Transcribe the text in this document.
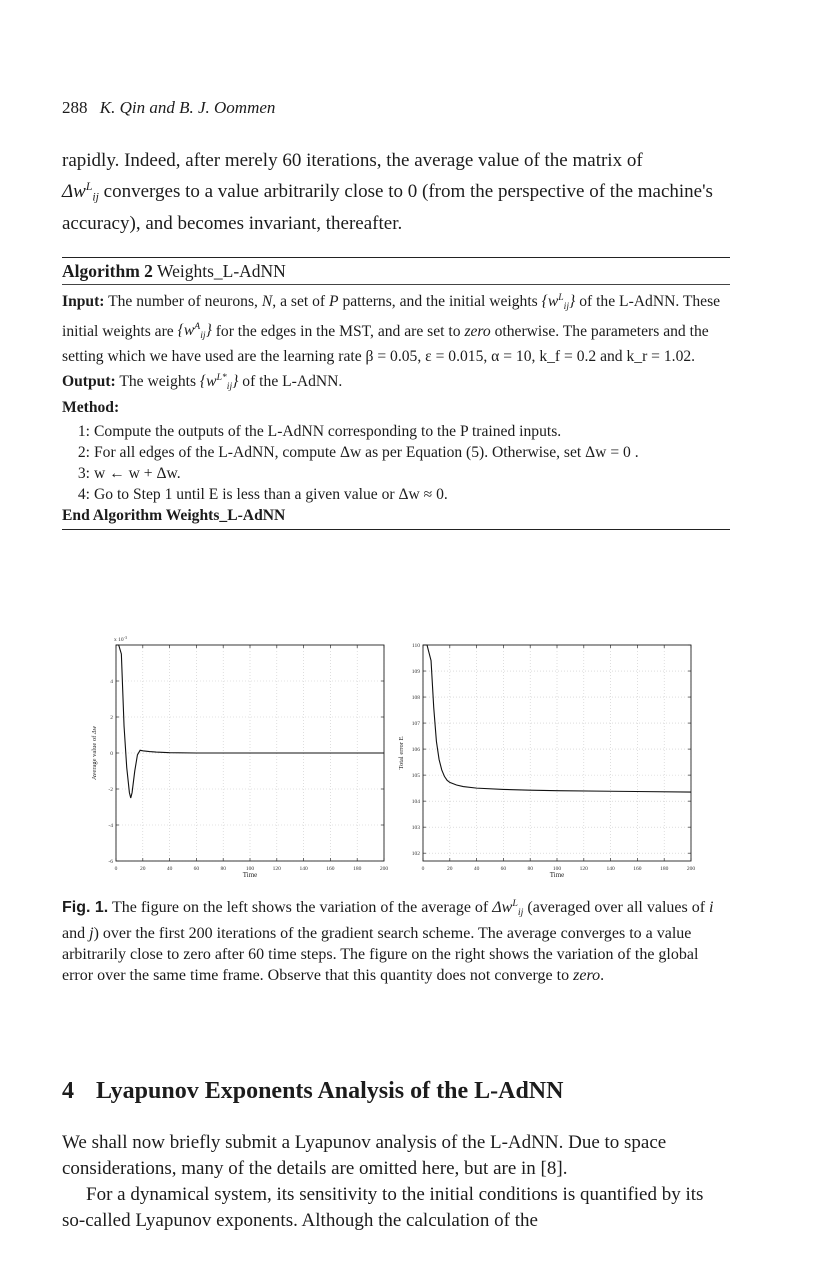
288 K. Qin and B. J. Oommen
rapidly. Indeed, after merely 60 iterations, the average value of the matrix of
$\Delta w^L_{ij}$ converges to a value arbitrarily close to 0 (from the perspective of the machine's accuracy), and becomes invariant, thereafter.
Algorithm 2 Weights_L-AdNN
Input: The number of neurons, N, a set of P patterns, and the initial weights $\{w^L_{ij}\}$ of the L-AdNN. These initial weights are $\{w^A_{ij}\}$ for the edges in the MST, and are set to zero otherwise. The parameters and the setting which we have used are the learning rate β = 0.05, ε = 0.015, α = 10, k_f = 0.2 and k_r = 1.02.
Output: The weights $\{w^{L*}_{ij}\}$ of the L-AdNN.
Method:
1: Compute the outputs of the L-AdNN corresponding to the P trained inputs.
2: For all edges of the L-AdNN, compute Δw as per Equation (5). Otherwise, set Δw = 0 .
3: w ← w + Δw.
4: Go to Step 1 until E is less than a given value or Δw ≈ 0.
End Algorithm Weights_L-AdNN
0	20	40	60	80	100	120	140	160	180	200
-6
-4
-2
0
2
4
Time
Average value of Δw
x $10^{-3}$
0	20	40	60	80	100	120	140	160	180	200
102
103
104
105
106
107
108
109
110
Time
Total error E
Fig. 1. The figure on the left shows the variation of the average of $\Delta w^L_{ij}$ (averaged over all values of i and j) over the first 200 iterations of the gradient search scheme. The average converges to a value arbitrarily close to zero after 60 time steps. The figure on the right shows the variation of the global error over the same time frame. Observe that this quantity does not converge to zero.
4 Lyapunov Exponents Analysis of the L-AdNN

We shall now briefly submit a Lyapunov analysis of the L-AdNN. Due to space considerations, many of the details are omitted here, but are in [8].

For a dynamical system, its sensitivity to the initial conditions is quantified by its so-called Lyapunov exponents. Although the calculation of the
